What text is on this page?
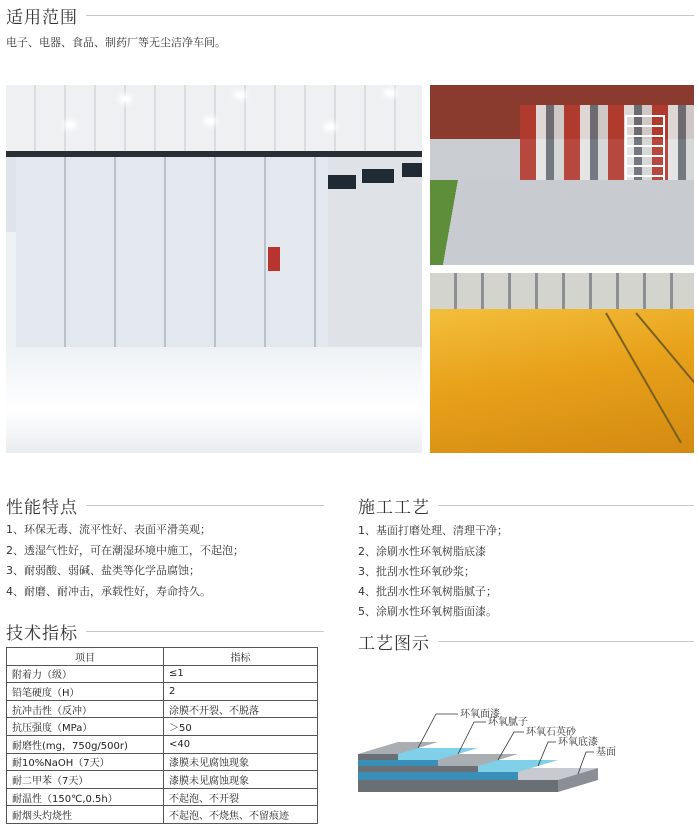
适用范围
电子、电器、食品、制药厂等无尘洁净车间。
性能特点
1、环保无毒、流平性好、表面平滑美观；
2、透湿气性好，可在潮湿环境中施工，不起泡；
3、耐弱酸、弱碱、盐类等化学品腐蚀；
4、耐磨、耐冲击，承载性好，寿命持久。
施工工艺
1、基面打磨处理、清理干净；
2、涂刷水性环氧树脂底漆
3、批刮水性环氧砂浆；
4、批刮水性环氧树脂腻子；
5、涂刷水性环氧树脂面漆。
技术指标
项目	指标
附着力（级）	≤1
铅笔硬度（H）	2
抗冲击性（反冲）	涂膜不开裂、不脱落
抗压强度（MPa）	＞50
耐磨性(mg，750g/500r)	<40
耐10%NaOH（7天）	漆膜未见腐蚀现象
耐二甲苯（7天）	漆膜未见腐蚀现象
耐温性（150℃,0.5h）	不起泡、不开裂
耐烟头灼烧性	不起泡、不烧焦、不留痕迹
工艺图示
环氧面漆
环氧腻子
环氧石英砂
环氧底漆
基面
